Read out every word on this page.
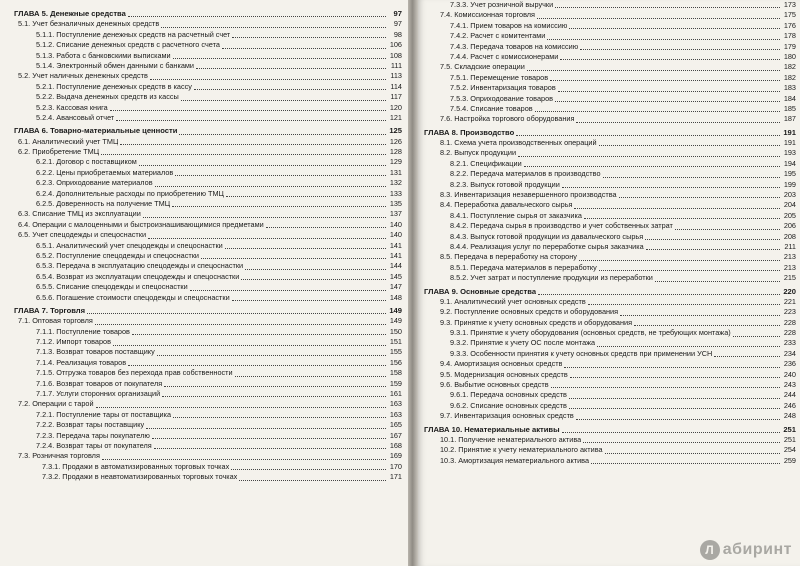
ГЛАВА 5. Денежные средства	97
5.1. Учет безналичных денежных средств	97
5.1.1. Поступление денежных средств на расчетный счет	98
5.1.2. Списание денежных средств с расчетного счета	106
5.1.3. Работа с банковскими выписками	108
5.1.4. Электронный обмен данными с банками	111
5.2. Учет наличных денежных средств	113
5.2.1. Поступление денежных средств в кассу	114
5.2.2. Выдача денежных средств из кассы	117
5.2.3. Кассовая книга	120
5.2.4. Авансовый отчет	121
ГЛАВА 6. Товарно-материальные ценности	125
6.1. Аналитический учет ТМЦ	126
6.2. Приобретение ТМЦ	128
6.2.1. Договор с поставщиком	129
6.2.2. Цены приобретаемых материалов	131
6.2.3. Оприходование материалов	132
6.2.4. Дополнительные расходы по приобретению ТМЦ	133
6.2.5. Доверенность на получение ТМЦ	135
6.3. Списание ТМЦ из эксплуатации	137
6.4. Операции с малоценными и быстроизнашивающимися предметами	140
6.5. Учет спецодежды и спецоснастки	140
6.5.1. Аналитический учет спецодежды и спецоснастки	141
6.5.2. Поступление спецодежды и спецоснастки	141
6.5.3. Передача в эксплуатацию спецодежды и спецоснастки	144
6.5.4. Возврат из эксплуатации спецодежды и спецоснастки	145
6.5.5. Списание спецодежды и спецоснастки	147
6.5.6. Погашение стоимости спецодежды и спецоснастки	148
ГЛАВА 7. Торговля	149
7.1. Оптовая торговля	149
7.1.1. Поступление товаров	150
7.1.2. Импорт товаров	151
7.1.3. Возврат товаров поставщику	155
7.1.4. Реализация товаров	156
7.1.5. Отгрузка товаров без перехода прав собственности	158
7.1.6. Возврат товаров от покупателя	159
7.1.7. Услуги сторонних организаций	161
7.2. Операции с тарой	163
7.2.1. Поступление тары от поставщика	163
7.2.2. Возврат тары поставщику	165
7.2.3. Передача тары покупателю	167
7.2.4. Возврат тары от покупателя	168
7.3. Розничная торговля	169
7.3.1. Продажи в автоматизированных торговых точках	170
7.3.2. Продажи в неавтоматизированных торговых точках	171
7.3.3. Учет розничной выручки	173
7.4. Комиссионная торговля	175
7.4.1. Прием товаров на комиссию	176
7.4.2. Расчет с комитентами	178
7.4.3. Передача товаров на комиссию	179
7.4.4. Расчет с комиссионерами	180
7.5. Складские операции	182
7.5.1. Перемещение товаров	182
7.5.2. Инвентаризация товаров	183
7.5.3. Оприходование товаров	184
7.5.4. Списание товаров	185
7.6. Настройка торгового оборудования	187
ГЛАВА 8. Производство	191
8.1. Схема учета производственных операций	191
8.2. Выпуск продукции	193
8.2.1. Спецификации	194
8.2.2. Передача материалов в производство	195
8.2.3. Выпуск готовой продукции	199
8.3. Инвентаризация незавершенного производства	203
8.4. Переработка давальческого сырья	204
8.4.1. Поступление сырья от заказчика	205
8.4.2. Передача сырья в производство и учет собственных затрат	206
8.4.3. Выпуск готовой продукции из давальческого сырья	208
8.4.4. Реализация услуг по переработке сырья заказчика	211
8.5. Передача в переработку на сторону	213
8.5.1. Передача материалов в переработку	213
8.5.2. Учет затрат и поступление продукции из переработки	215
ГЛАВА 9. Основные средства	220
9.1. Аналитический учет основных средств	221
9.2. Поступление основных средств и оборудования	223
9.3. Принятие к учету основных средств и оборудования	228
9.3.1. Принятие к учету оборудования (основных средств, не требующих монтажа)	228
9.3.2. Принятие к учету ОС после монтажа	233
9.3.3. Особенности принятия к учету основных средств при применении УСН	234
9.4. Амортизация основных средств	236
9.5. Модернизация основных средств	240
9.6. Выбытие основных средств	243
9.6.1. Передача основных средств	244
9.6.2. Списание основных средств	246
9.7. Инвентаризация основных средств	248
ГЛАВА 10. Нематериальные активы	251
10.1. Получение нематериального актива	251
10.2. Принятие к учету нематериального актива	254
10.3. Амортизация нематериального актива	259
Л абиринт
